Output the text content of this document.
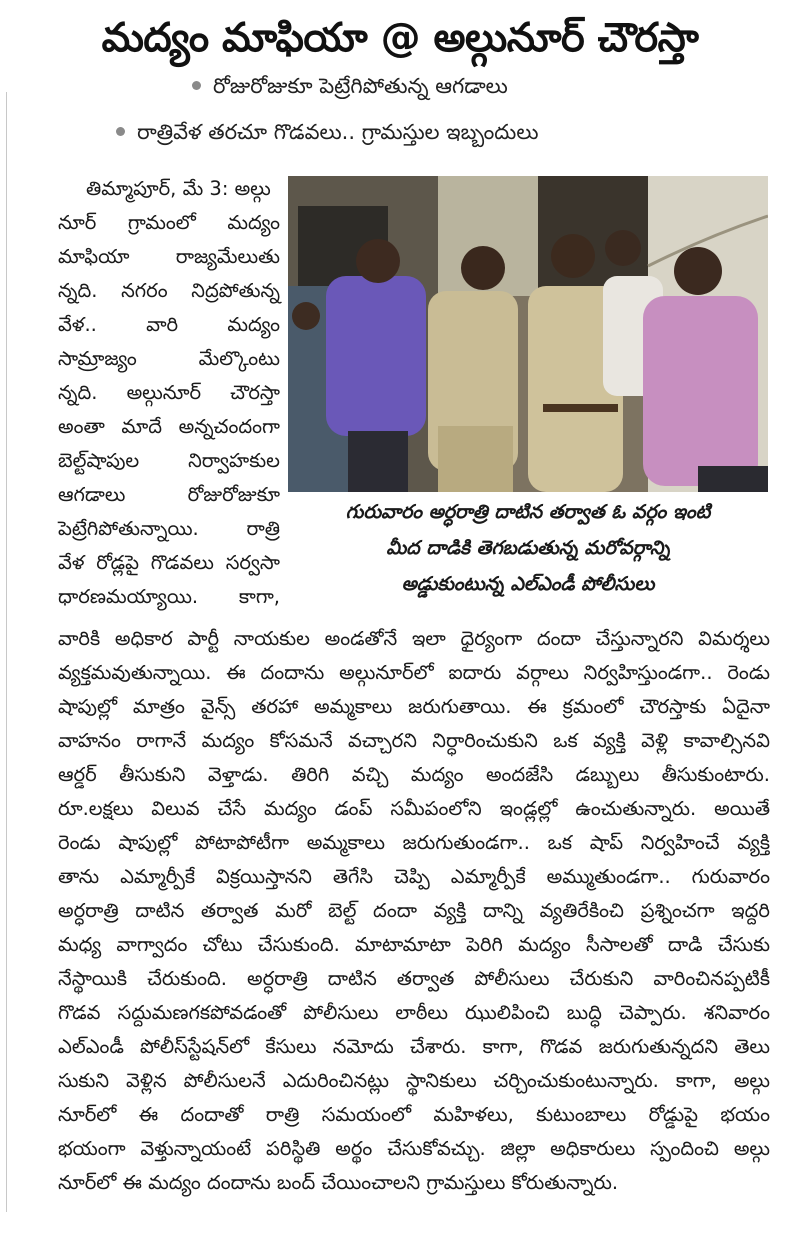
మద్యం మాఫియా @ అల్గునూర్ చౌరస్తా
రోజురోజుకూ పెట్రేగిపోతున్న ఆగడాలు
రాత్రివేళ తరచూ గొడవలు.. గ్రామస్తుల ఇబ్బందులు
గురువారం అర్ధరాత్రి దాటిన తర్వాత ఓ వర్గం ఇంటి
మీద దాడికి తెగబడుతున్న మరోవర్గాన్ని
అడ్డుకుంటున్న ఎల్‌ఎండీ పోలీసులు
తిమ్మాపూర్, మే 3: అల్గు
నూర్ గ్రామంలో మద్యం
మాఫియా రాజ్యమేలుతు
న్నది. నగరం నిద్రపోతున్న
వేళ.. వారి మద్యం
సామ్రాజ్యం మేల్కొంటు
న్నది. అల్గునూర్ చౌరస్తా
అంతా మాదే అన్నచందంగా
బెల్ట్‌షాపుల నిర్వాహకుల
ఆగడాలు రోజురోజుకూ
పెట్రేగిపోతున్నాయి. రాత్రి
వేళ రోడ్లపై గొడవలు సర్వసా
ధారణమయ్యాయి. కాగా,
వారికి అధికార పార్టీ నాయకుల అండతోనే ఇలా ధైర్యంగా దందా చేస్తున్నారని విమర్శలు
వ్యక్తమవుతున్నాయి. ఈ దందాను అల్గునూర్‌లో ఐదారు వర్గాలు నిర్వహిస్తుండగా.. రెండు
షాపుల్లో మాత్రం వైన్స్ తరహా అమ్మకాలు జరుగుతాయి. ఈ క్రమంలో చౌరస్తాకు ఏదైనా
వాహనం రాగానే మద్యం కోసమనే వచ్చారని నిర్ధారించుకుని ఒక వ్యక్తి వెళ్లి కావాల్సినవి
ఆర్డర్ తీసుకుని వెళ్తాడు. తిరిగి వచ్చి మద్యం అందజేసి డబ్బులు తీసుకుంటారు.
రూ.లక్షలు విలువ చేసే మద్యం డంప్ సమీపంలోని ఇండ్లల్లో ఉంచుతున్నారు. అయితే
రెండు షాపుల్లో పోటాపోటీగా అమ్మకాలు జరుగుతుండగా.. ఒక షాప్ నిర్వహించే వ్యక్తి
తాను ఎమ్మార్పీకే విక్రయిస్తానని తెగేసి చెప్పి ఎమ్మార్పీకే అమ్ముతుండగా.. గురువారం
అర్ధరాత్రి దాటిన తర్వాత మరో బెల్ట్ దందా వ్యక్తి దాన్ని వ్యతిరేకించి ప్రశ్నించగా ఇద్దరి
మధ్య వాగ్వాదం చోటు చేసుకుంది. మాటామాటా పెరిగి మద్యం సీసాలతో దాడి చేసుకు
నేస్థాయికి చేరుకుంది. అర్ధరాత్రి దాటిన తర్వాత పోలీసులు చేరుకుని వారించినప్పటికీ
గొడవ సద్దుమణగకపోవడంతో పోలీసులు లాఠీలు ఝులిపించి బుద్ధి చెప్పారు. శనివారం
ఎల్‌ఎండీ పోలీస్‌స్టేషన్‌లో కేసులు నమోదు చేశారు. కాగా, గొడవ జరుగుతున్నదని తెలు
సుకుని వెళ్లిన పోలీసులనే ఎదురించినట్లు స్థానికులు చర్చించుకుంటున్నారు. కాగా, అల్గు
నూర్‌లో ఈ దందాతో రాత్రి సమయంలో మహిళలు, కుటుంబాలు రోడ్డుపై భయం
భయంగా వెళ్తున్నాయంటే పరిస్థితి అర్థం చేసుకోవచ్చు. జిల్లా అధికారులు స్పందించి అల్గు
నూర్‌లో ఈ మద్యం దందాను బంద్ చేయించాలని గ్రామస్తులు కోరుతున్నారు.
